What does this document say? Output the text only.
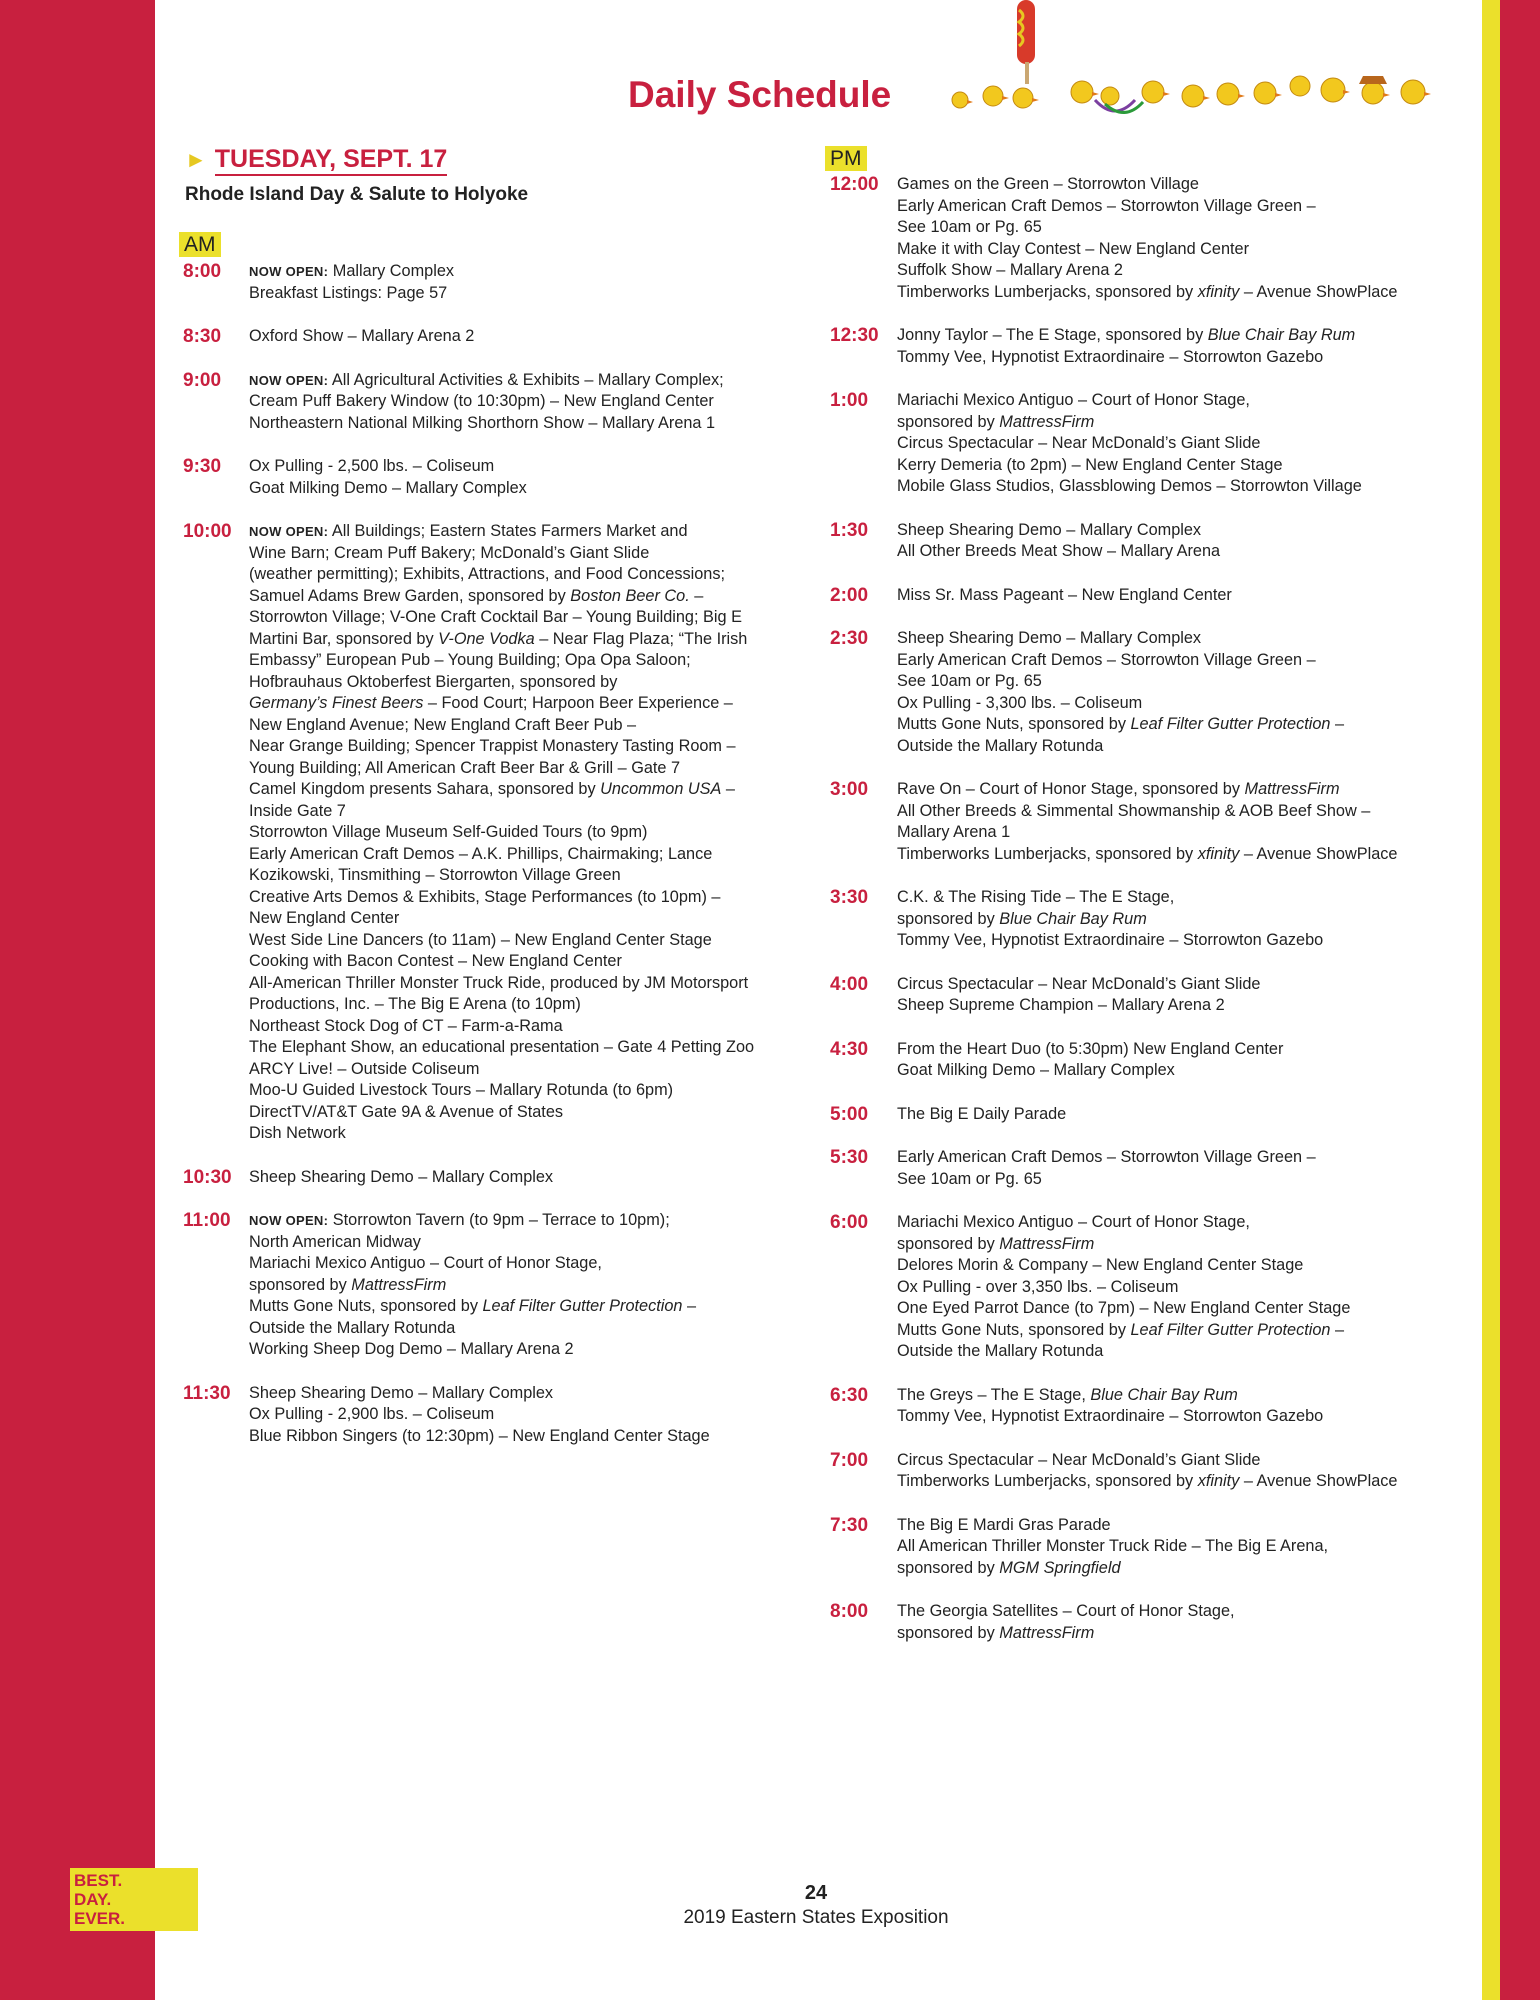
Daily Schedule
► TUESDAY, SEPT. 17
Rhode Island Day & Salute to Holyoke
AM
PM
8:00	NOW OPEN: Mallary Complex
Breakfast Listings: Page 57
8:30	Oxford Show – Mallary Arena 2
9:00	NOW OPEN: All Agricultural Activities & Exhibits – Mallary Complex;
Cream Puff Bakery Window (to 10:30pm) – New England Center
Northeastern National Milking Shorthorn Show – Mallary Arena 1
9:30	Ox Pulling - 2,500 lbs. – Coliseum
Goat Milking Demo – Mallary Complex
10:00	NOW OPEN: All Buildings; Eastern States Farmers Market and
Wine Barn; Cream Puff Bakery; McDonald’s Giant Slide
(weather permitting); Exhibits, Attractions, and Food Concessions;
Samuel Adams Brew Garden, sponsored by Boston Beer Co. –
Storrowton Village; V-One Craft Cocktail Bar – Young Building; Big E
Martini Bar, sponsored by V-One Vodka – Near Flag Plaza; “The Irish
Embassy” European Pub – Young Building; Opa Opa Saloon;
Hofbrauhaus Oktoberfest Biergarten, sponsored by
Germany’s Finest Beers – Food Court; Harpoon Beer Experience –
New England Avenue; New England Craft Beer Pub –
Near Grange Building; Spencer Trappist Monastery Tasting Room –
Young Building; All American Craft Beer Bar & Grill – Gate 7
Camel Kingdom presents Sahara, sponsored by Uncommon USA –
Inside Gate 7
Storrowton Village Museum Self-Guided Tours (to 9pm)
Early American Craft Demos – A.K. Phillips, Chairmaking; Lance
Kozikowski, Tinsmithing – Storrowton Village Green
Creative Arts Demos & Exhibits, Stage Performances (to 10pm) –
New England Center
West Side Line Dancers (to 11am) – New England Center Stage
Cooking with Bacon Contest – New England Center
All-American Thriller Monster Truck Ride, produced by JM Motorsport
Productions, Inc. – The Big E Arena (to 10pm)
Northeast Stock Dog of CT – Farm-a-Rama
The Elephant Show, an educational presentation – Gate 4 Petting Zoo
ARCY Live! – Outside Coliseum
Moo-U Guided Livestock Tours – Mallary Rotunda (to 6pm)
DirectTV/AT&T Gate 9A & Avenue of States
Dish Network
10:30	Sheep Shearing Demo – Mallary Complex
11:00	NOW OPEN: Storrowton Tavern (to 9pm – Terrace to 10pm);
North American Midway
Mariachi Mexico Antiguo – Court of Honor Stage,
sponsored by MattressFirm
Mutts Gone Nuts, sponsored by Leaf Filter Gutter Protection –
Outside the Mallary Rotunda
Working Sheep Dog Demo – Mallary Arena 2
11:30	Sheep Shearing Demo – Mallary Complex
Ox Pulling - 2,900 lbs. – Coliseum
Blue Ribbon Singers (to 12:30pm) – New England Center Stage
12:00	Games on the Green – Storrowton Village
Early American Craft Demos – Storrowton Village Green –
See 10am or Pg. 65
Make it with Clay Contest – New England Center
Suffolk Show – Mallary Arena 2
Timberworks Lumberjacks, sponsored by xfinity – Avenue ShowPlace
12:30	Jonny Taylor – The E Stage, sponsored by Blue Chair Bay Rum
Tommy Vee, Hypnotist Extraordinaire – Storrowton Gazebo
1:00	Mariachi Mexico Antiguo – Court of Honor Stage,
sponsored by MattressFirm
Circus Spectacular – Near McDonald’s Giant Slide
Kerry Demeria (to 2pm) – New England Center Stage
Mobile Glass Studios, Glassblowing Demos – Storrowton Village
1:30	Sheep Shearing Demo – Mallary Complex
All Other Breeds Meat Show – Mallary Arena
2:00	Miss Sr. Mass Pageant – New England Center
2:30	Sheep Shearing Demo – Mallary Complex
Early American Craft Demos – Storrowton Village Green –
See 10am or Pg. 65
Ox Pulling - 3,300 lbs. – Coliseum
Mutts Gone Nuts, sponsored by Leaf Filter Gutter Protection –
Outside the Mallary Rotunda
3:00	Rave On – Court of Honor Stage, sponsored by MattressFirm
All Other Breeds & Simmental Showmanship & AOB Beef Show –
Mallary Arena 1
Timberworks Lumberjacks, sponsored by xfinity – Avenue ShowPlace
3:30	C.K. & The Rising Tide – The E Stage,
sponsored by Blue Chair Bay Rum
Tommy Vee, Hypnotist Extraordinaire – Storrowton Gazebo
4:00	Circus Spectacular – Near McDonald’s Giant Slide
Sheep Supreme Champion – Mallary Arena 2
4:30	From the Heart Duo (to 5:30pm) New England Center
Goat Milking Demo – Mallary Complex
5:00	The Big E Daily Parade
5:30	Early American Craft Demos – Storrowton Village Green –
See 10am or Pg. 65
6:00	Mariachi Mexico Antiguo – Court of Honor Stage,
sponsored by MattressFirm
Delores Morin & Company – New England Center Stage
Ox Pulling - over 3,350 lbs. – Coliseum
One Eyed Parrot Dance (to 7pm) – New England Center Stage
Mutts Gone Nuts, sponsored by Leaf Filter Gutter Protection –
Outside the Mallary Rotunda
6:30	The Greys – The E Stage, Blue Chair Bay Rum
Tommy Vee, Hypnotist Extraordinaire – Storrowton Gazebo
7:00	Circus Spectacular – Near McDonald’s Giant Slide
Timberworks Lumberjacks, sponsored by xfinity – Avenue ShowPlace
7:30	The Big E Mardi Gras Parade
All American Thriller Monster Truck Ride – The Big E Arena,
sponsored by MGM Springfield
8:00	The Georgia Satellites – Court of Honor Stage,
sponsored by MattressFirm
BEST.
DAY.
EVER.
24
2019 Eastern States Exposition
